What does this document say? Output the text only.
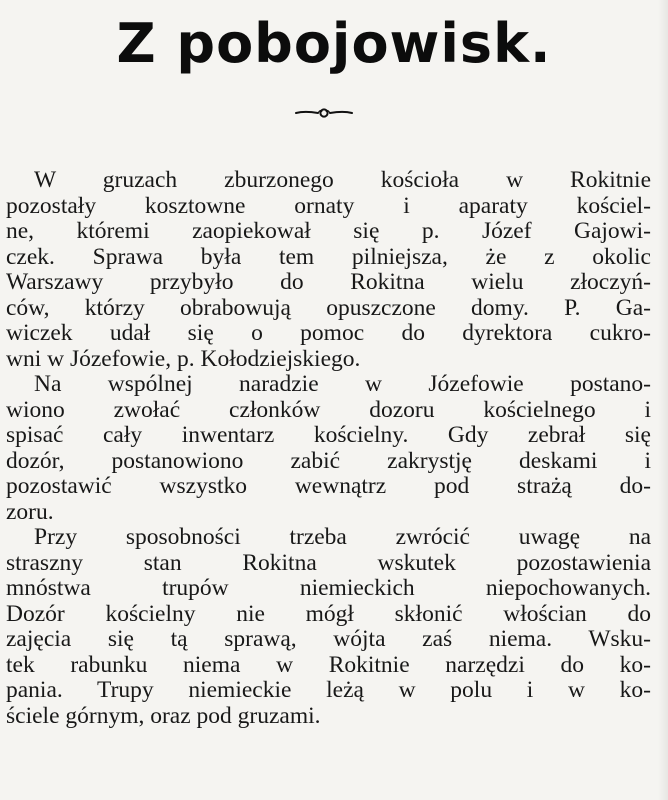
Z pobojowisk.
W gruzach zburzonego kościoła w Rokitnie
pozostały kosztowne ornaty i aparaty kościel-
ne, któremi zaopiekował się p. Józef Gajowi-
czek. Sprawa była tem pilniejsza, że z okolic
Warszawy przybyło do Rokitna wielu złoczyń-
ców, którzy obrabowują opuszczone domy. P. Ga-
wiczek udał się o pomoc do dyrektora cukro-
wni w Józefowie, p. Kołodziejskiego.
Na wspólnej naradzie w Józefowie postano-
wiono zwołać członków dozoru kościelnego i
spisać cały inwentarz kościelny. Gdy zebrał się
dozór, postanowiono zabić zakrystję deskami i
pozostawić wszystko wewnątrz pod strażą do-
zoru.
Przy sposobności trzeba zwrócić uwagę na
straszny stan Rokitna wskutek pozostawienia
mnóstwa trupów niemieckich niepochowanych.
Dozór kościelny nie mógł skłonić włościan do
zajęcia się tą sprawą, wójta zaś niema. Wsku-
tek rabunku niema w Rokitnie narzędzi do ko-
pania. Trupy niemieckie leżą w polu i w ko-
ściele górnym, oraz pod gruzami.
